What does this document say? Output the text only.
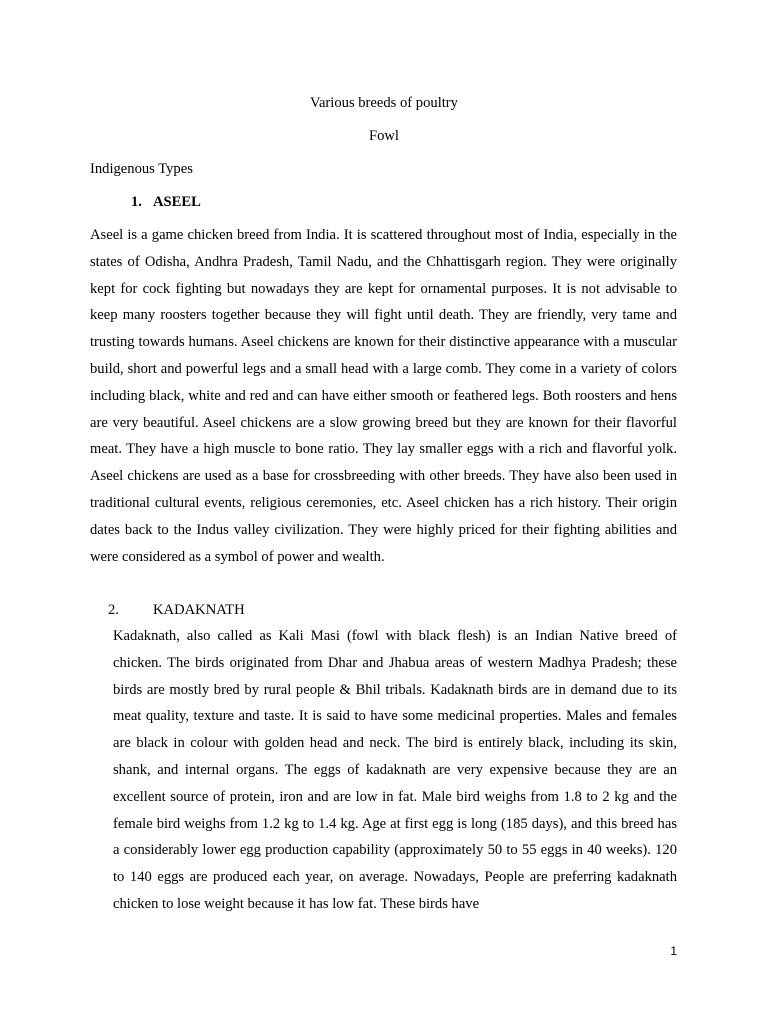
Various breeds of poultry
Fowl
Indigenous Types
1. ASEEL

Aseel is a game chicken breed from India. It is scattered throughout most of India, especially in the states of Odisha, Andhra Pradesh, Tamil Nadu, and the Chhattisgarh region. They were originally kept for cock fighting but nowadays they are kept for ornamental purposes. It is not advisable to keep many roosters together because they will fight until death. They are friendly, very tame and trusting towards humans. Aseel chickens are known for their distinctive appearance with a muscular build, short and powerful legs and a small head with a large comb. They come in a variety of colors including black, white and red and can have either smooth or feathered legs. Both roosters and hens are very beautiful. Aseel chickens are a slow growing breed but they are known for their flavorful meat. They have a high muscle to bone ratio. They lay smaller eggs with a rich and flavorful yolk. Aseel chickens are used as a base for crossbreeding with other breeds. They have also been used in traditional cultural events, religious ceremonies, etc. Aseel chicken has a rich history. Their origin dates back to the Indus valley civilization. They were highly priced for their fighting abilities and were considered as a symbol of power and wealth.

2. KADAKNATH

Kadaknath, also called as Kali Masi (fowl with black flesh) is an Indian Native breed of chicken. The birds originated from Dhar and Jhabua areas of western Madhya Pradesh; these birds are mostly bred by rural people & Bhil tribals. Kadaknath birds are in demand due to its meat quality, texture and taste. It is said to have some medicinal properties. Males and females are black in colour with golden head and neck. The bird is entirely black, including its skin, shank, and internal organs. The eggs of kadaknath are very expensive because they are an excellent source of protein, iron and are low in fat. Male bird weighs from 1.8 to 2 kg and the female bird weighs from 1.2 kg to 1.4 kg. Age at first egg is long (185 days), and this breed has a considerably lower egg production capability (approximately 50 to 55 eggs in 40 weeks). 120 to 140 eggs are produced each year, on average. Nowadays, People are preferring kadaknath chicken to lose weight because it has low fat. These birds have

1
